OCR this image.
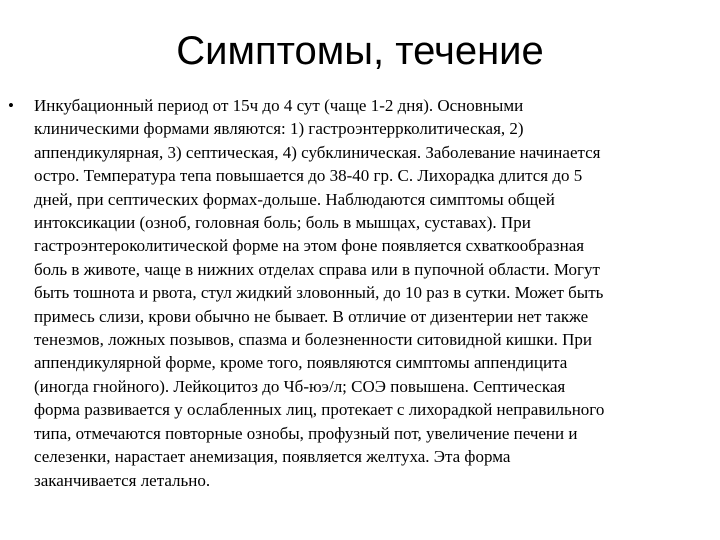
Симптомы, течение
• Инкубационный период от 15ч до 4 сут (чаще 1-2 дня). Основными
клиническими формами являются: 1) гастроэнтерр​колитическая, 2)
аппендикулярная, 3) септическая, 4) субклиническая. Заболевание начинается
остро. Температура тепа повышается до 38-40 гр. С. Лихорадка длится до 5
дней, при септических формах-дольше. Наблюдаются симптомы общей
интоксикации (озноб, головная боль; боль в мышцах, суставах). При
гастроэнтероколитической форме на этом фоне появляется схваткообразная
боль в животе, чаще в нижних отделах справа или в пупочной области. Могут
быть тошнота и рвота, стул жидкий зловонный, до 10 раз в сутки. Может быть
примесь слизи, крови обычно не бывает. В отличие от дизентерии нет также
тенезмов, ложных позывов, спазма и болезненности ситовидной кишки. При
аппендикулярной форме, кроме того, появляются симптомы аппендицита
(иногда гнойного). Лейкоцитоз до Чб-юэ/л; СОЭ повышена. Септическая
форма развивается у ослабленных лиц, протекает с лихорадкой неправильного
типа, отмечаются повторные ознобы, профузный пот, увеличение печени и
селезенки, нарастает анемизация, появляется желтуха. Эта форма
заканчивается летально.
